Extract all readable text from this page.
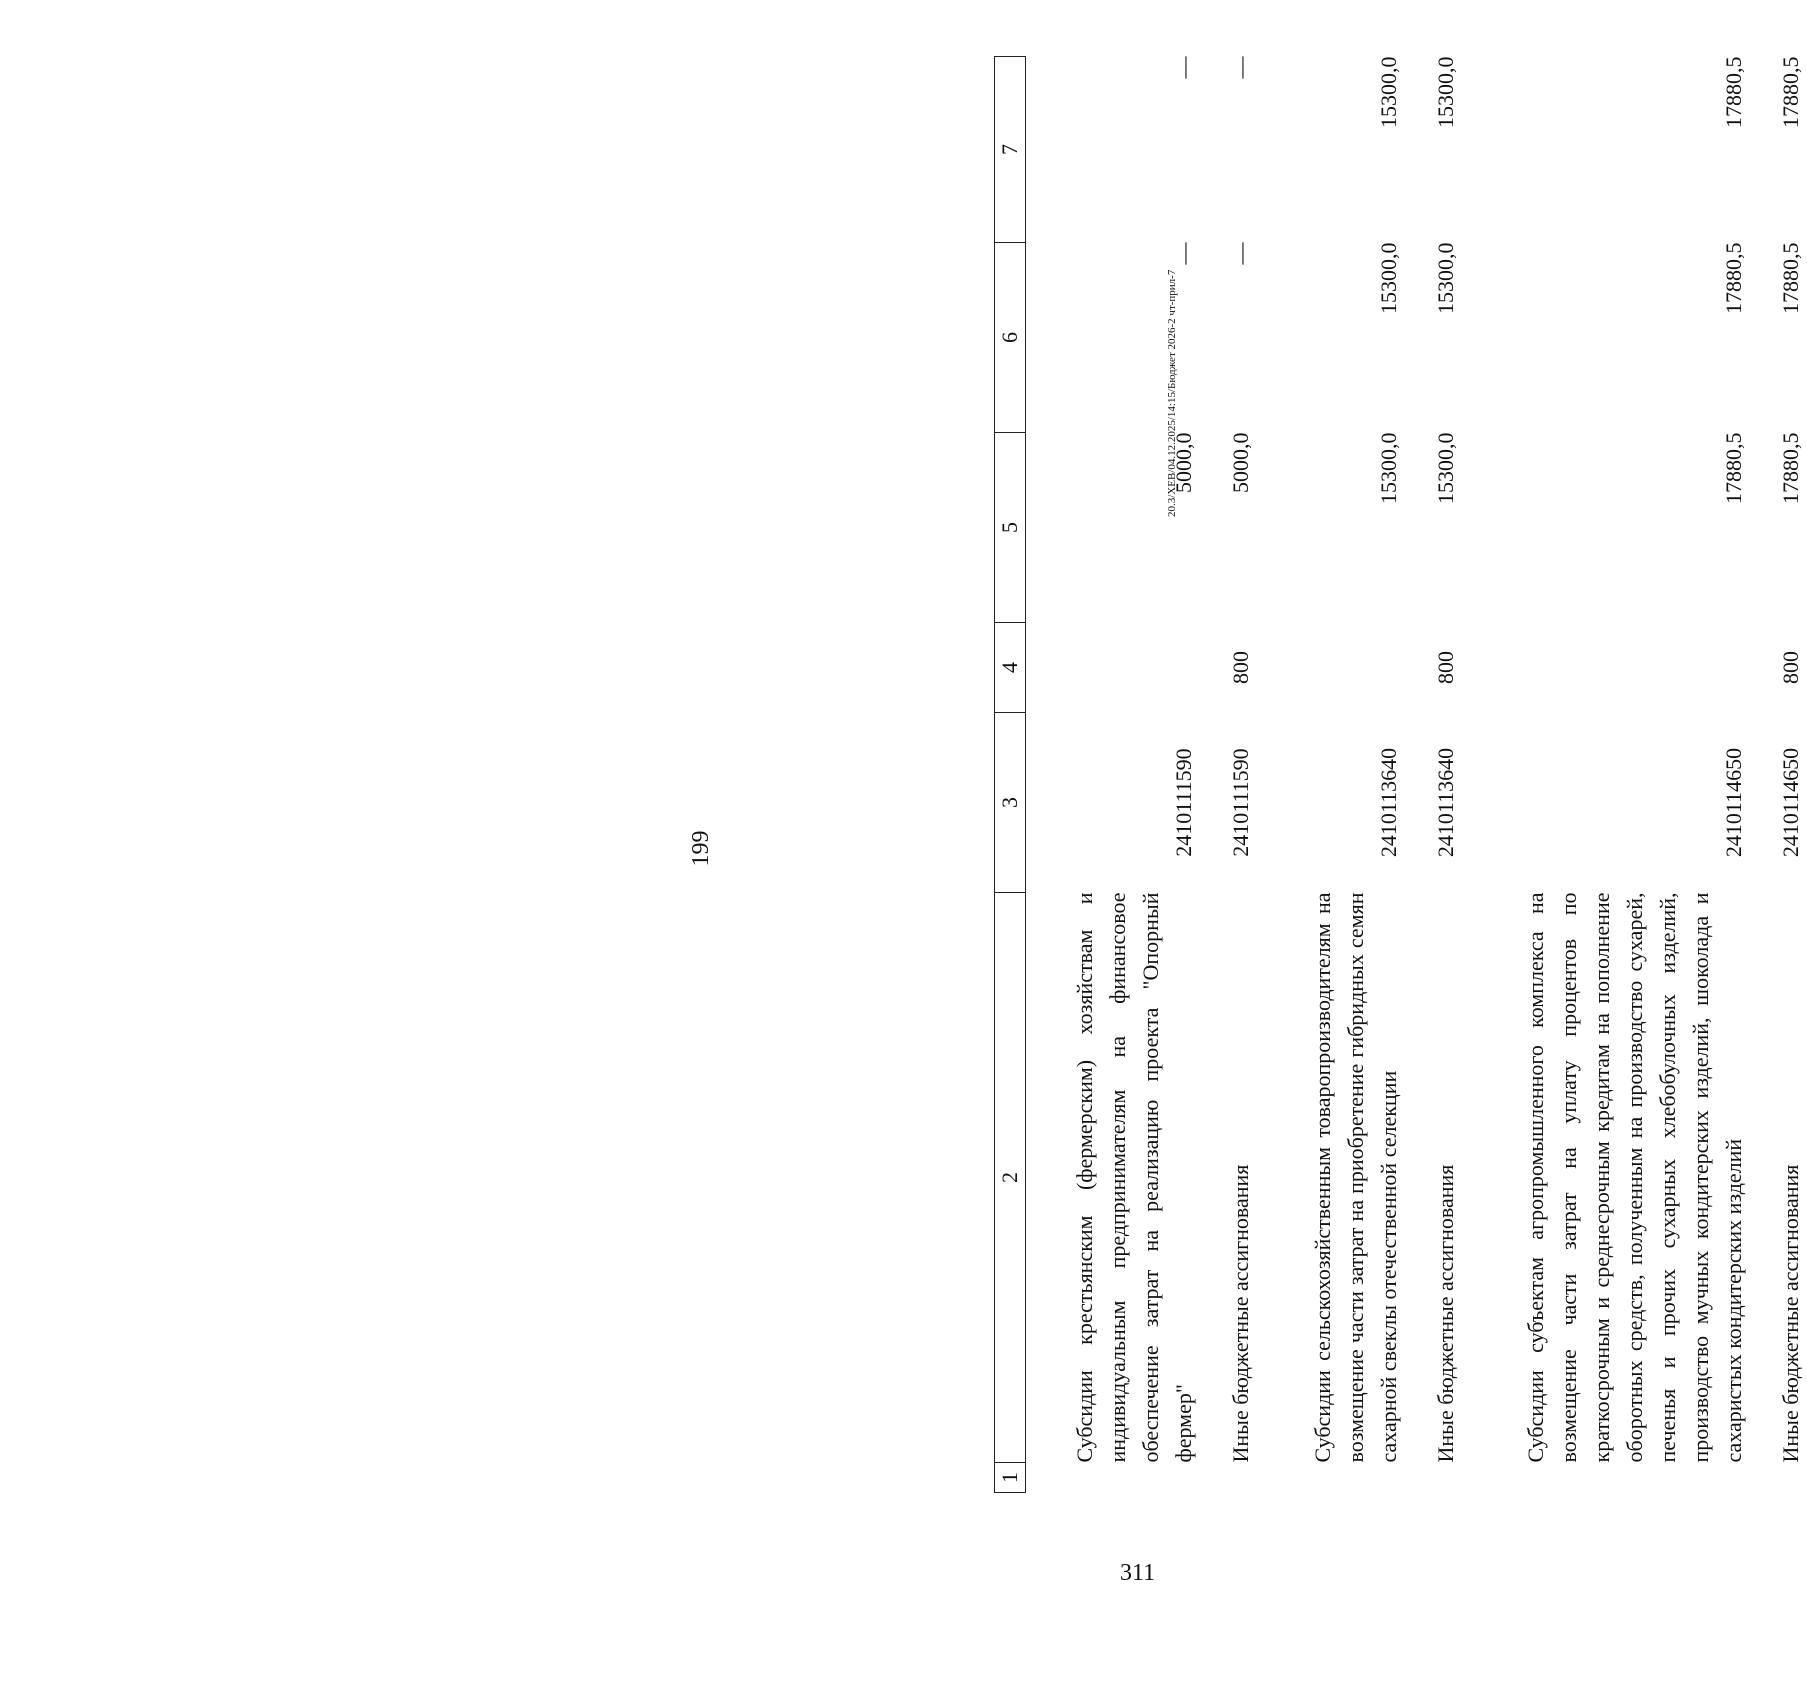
199
1	2	3	4	5	6	7
	Субсидии крестьянским (фермерским) хозяйствам и индивидуальным предпринимателям на финансовое обеспечение затрат на реализацию проекта "Опорный фермер"	2410111590		5000,0	—	—
	Иные бюджетные ассигнования	2410111590	800	5000,0	—	—
	Субсидии сельскохозяйственным товаропроизводителям на возмещение части затрат на приобретение гибридных семян сахарной свеклы отечественной селекции	2410113640		15300,0	15300,0	15300,0
	Иные бюджетные ассигнования	2410113640	800	15300,0	15300,0	15300,0
	Субсидии субъектам агропромышленного комплекса на возмещение части затрат на уплату процентов по краткосрочным и среднесрочным кредитам на пополнение оборотных средств, полученным на производство сухарей, печенья и прочих сухарных хлебобулочных изделий, производство мучных кондитерских изделий, шоколада и сахаристых кондитерских изделий	2410114650		17880,5	17880,5	17880,5
	Иные бюджетные ассигнования	2410114650	800	17880,5	17880,5	17880,5
20.3/ХЕВ/04.12.2025/14:15/Бюджет 2026-2 чт-прил-7
311
